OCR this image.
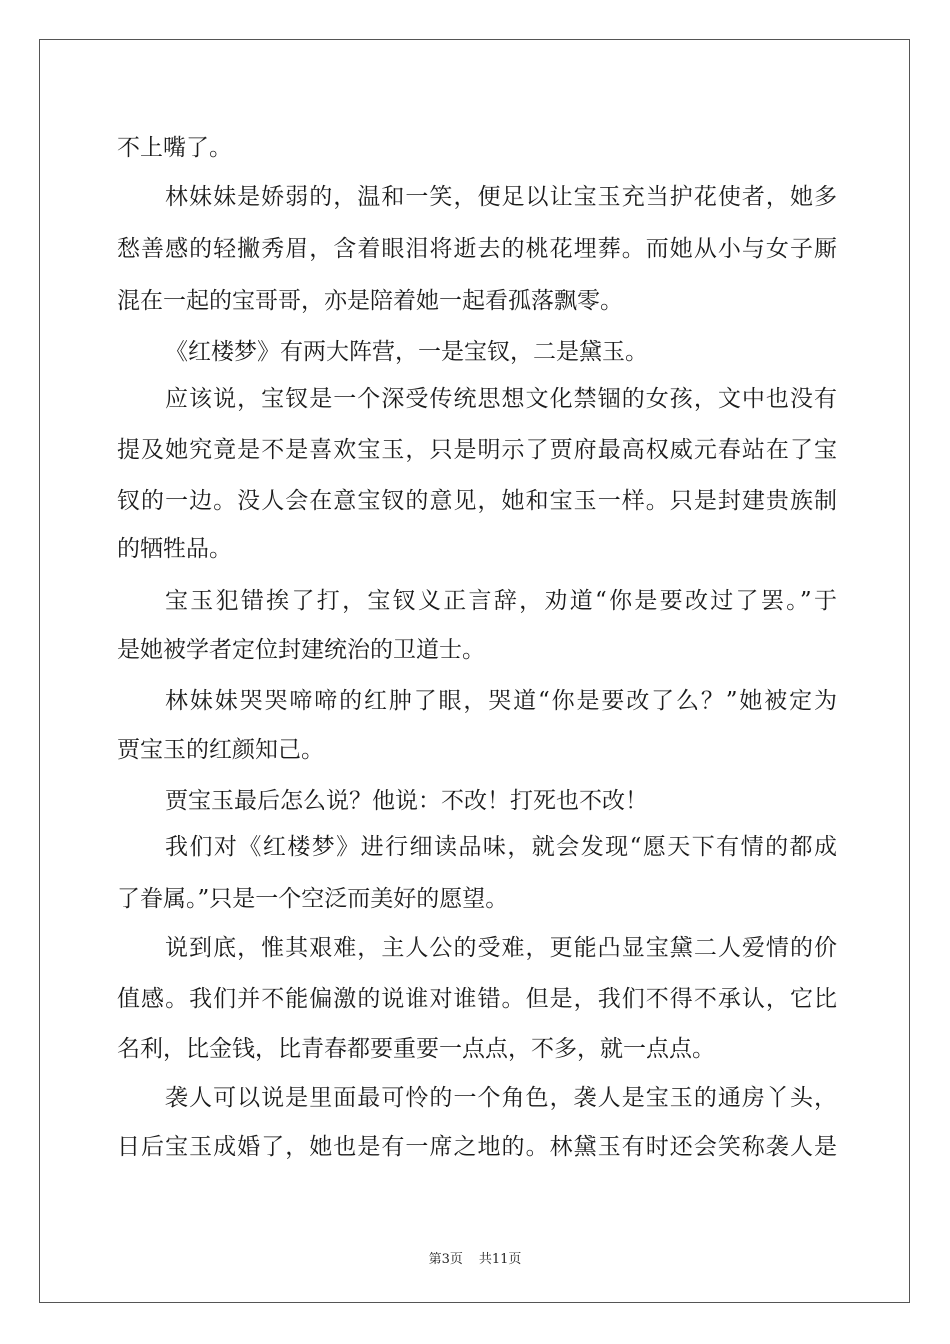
不上嘴了。
林妹妹是娇弱的，温和一笑，便足以让宝玉充当护花使者，她多
愁善感的轻撇秀眉，含着眼泪将逝去的桃花埋葬。而她从小与女子厮
混在一起的宝哥哥，亦是陪着她一起看孤落飘零。
《红楼梦》有两大阵营，一是宝钗，二是黛玉。
应该说，宝钗是一个深受传统思想文化禁锢的女孩，文中也没有
提及她究竟是不是喜欢宝玉，只是明示了贾府最高权威元春站在了宝
钗的一边。没人会在意宝钗的意见，她和宝玉一样。只是封建贵族制
的牺牲品。
宝玉犯错挨了打，宝钗义正言辞，劝道“你是要改过了罢。”于
是她被学者定位封建统治的卫道士。
林妹妹哭哭啼啼的红肿了眼，哭道“你是要改了么？”她被定为
贾宝玉的红颜知己。
贾宝玉最后怎么说？他说：不改！打死也不改！
我们对《红楼梦》进行细读品味，就会发现“愿天下有情的都成
了眷属。”只是一个空泛而美好的愿望。
说到底，惟其艰难，主人公的受难，更能凸显宝黛二人爱情的价
值感。我们并不能偏激的说谁对谁错。但是，我们不得不承认，它比
名利，比金钱，比青春都要重要一点点，不多，就一点点。
袭人可以说是里面最可怜的一个角色，袭人是宝玉的通房丫头，
日后宝玉成婚了，她也是有一席之地的。林黛玉有时还会笑称袭人是
第3页 共11页
